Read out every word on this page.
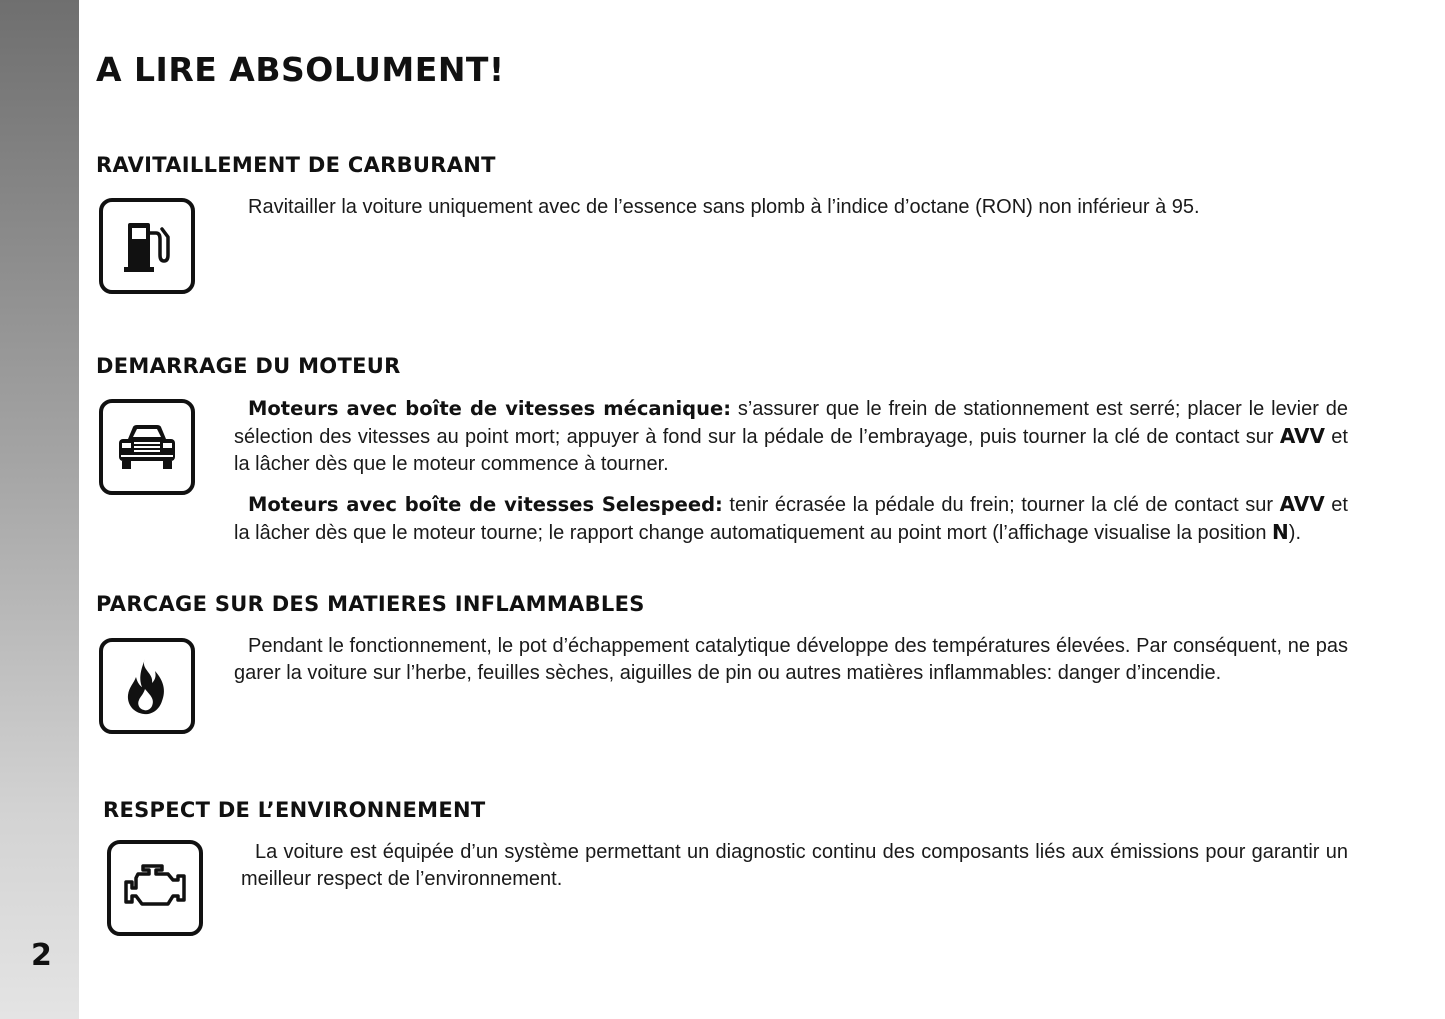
2
A LIRE ABSOLUMENT!
RAVITAILLEMENT DE CARBURANT

Ravitailler la voiture uniquement avec de l’essence sans plomb à l’indice d’octane (RON) non inférieur à 95.

DEMARRAGE DU MOTEUR

Moteurs avec boîte de vitesses mécanique: s’assurer que le frein de stationnement est serré; placer le levier de sélection des vitesses au point mort; appuyer à fond sur la pédale de l’embrayage, puis tourner la clé de contact sur AVV et la lâcher dès que le moteur commence à tourner.

Moteurs avec boîte de vitesses Selespeed: tenir écrasée la pédale du frein; tourner la clé de contact sur AVV et la lâcher dès que le moteur tourne; le rapport change automatiquement au point mort (l’affichage visualise la position N).

PARCAGE SUR DES MATIERES INFLAMMABLES

Pendant le fonctionnement, le pot d’échappement catalytique développe des températures élevées. Par conséquent, ne pas garer la voiture sur l’herbe, feuilles sèches, aiguilles de pin ou autres matières inflammables: danger d’incendie.

RESPECT DE L’ENVIRONNEMENT

La voiture est équipée d’un système permettant un diagnostic continu des composants liés aux émissions pour garantir un meilleur respect de l’environnement.
